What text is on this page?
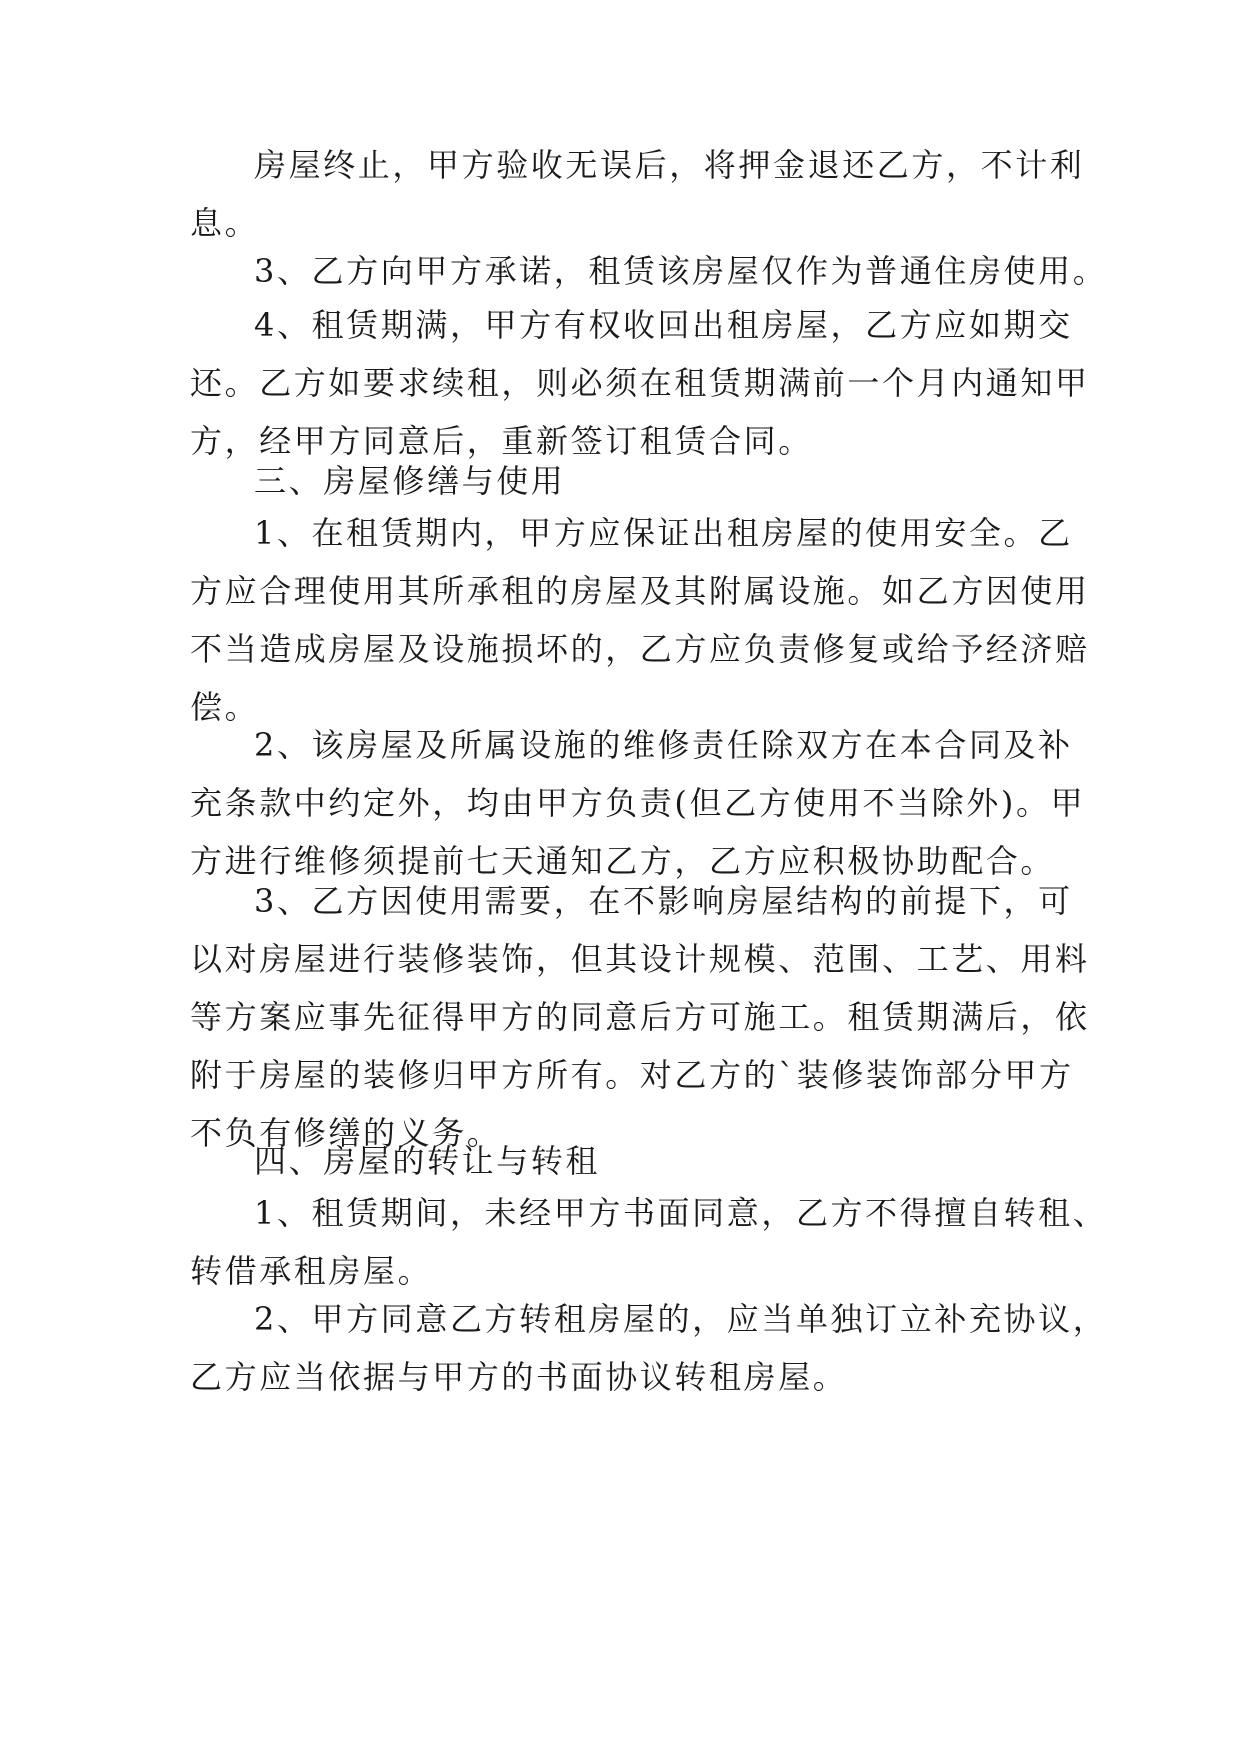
房屋终止，甲方验收无误后，将押金退还乙方，不计利
息。
3、乙方向甲方承诺，租赁该房屋仅作为普通住房使用。
4、租赁期满，甲方有权收回出租房屋，乙方应如期交
还。乙方如要求续租，则必须在租赁期满前一个月内通知甲
方，经甲方同意后，重新签订租赁合同。
三、房屋修缮与使用
1、在租赁期内，甲方应保证出租房屋的使用安全。乙
方应合理使用其所承租的房屋及其附属设施。如乙方因使用
不当造成房屋及设施损坏的，乙方应负责修复或给予经济赔
偿。
2、该房屋及所属设施的维修责任除双方在本合同及补
充条款中约定外，均由甲方负责(但乙方使用不当除外)。甲
方进行维修须提前七天通知乙方，乙方应积极协助配合。
3、乙方因使用需要，在不影响房屋结构的前提下，可
以对房屋进行装修装饰，但其设计规模、范围、工艺、用料
等方案应事先征得甲方的同意后方可施工。租赁期满后，依
附于房屋的装修归甲方所有。对乙方的`装修装饰部分甲方
不负有修缮的义务。
四、房屋的转让与转租
1、租赁期间，未经甲方书面同意，乙方不得擅自转租、
转借承租房屋。
2、甲方同意乙方转租房屋的，应当单独订立补充协议，
乙方应当依据与甲方的书面协议转租房屋。
